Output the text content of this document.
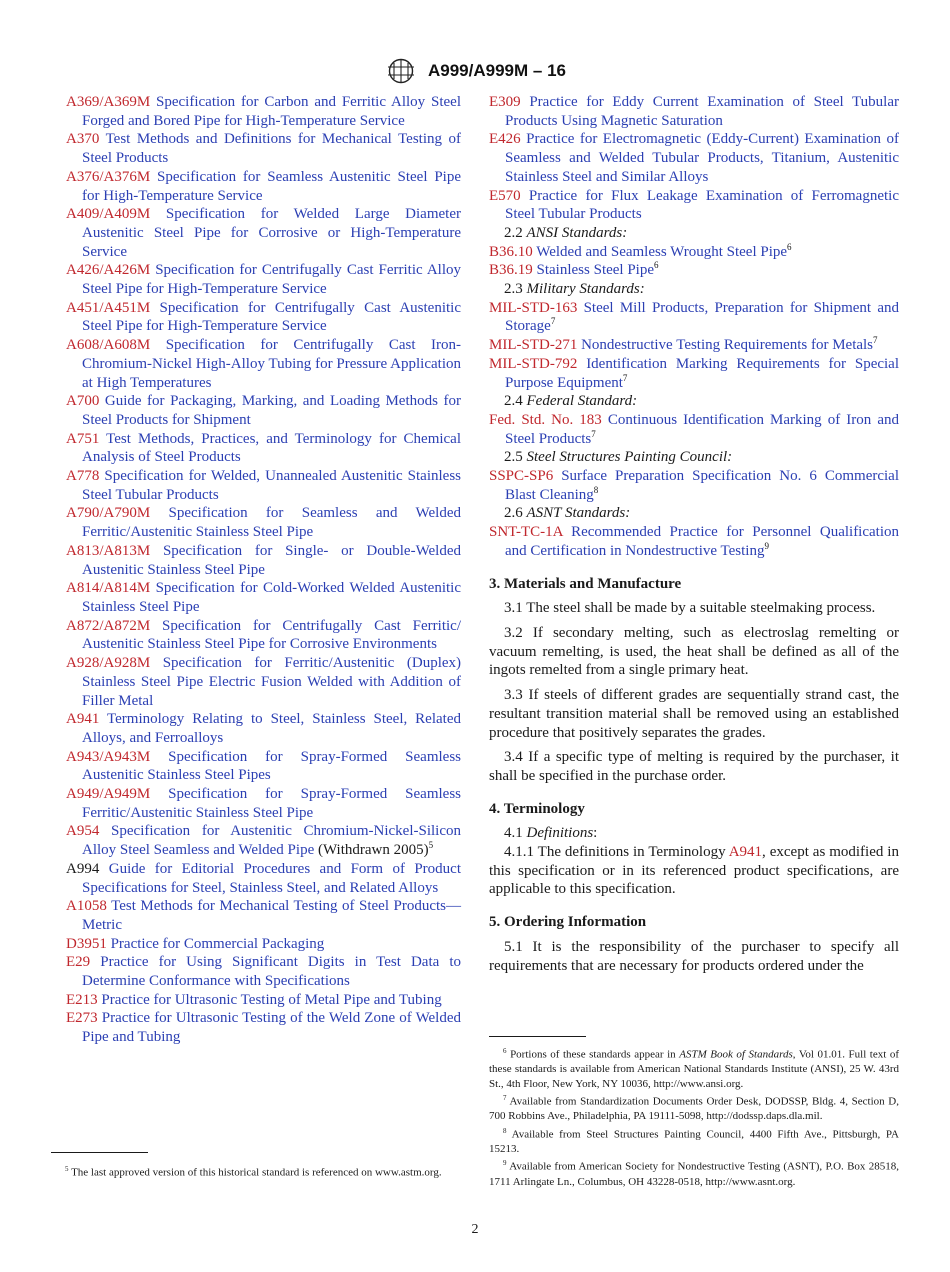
A999/A999M – 16

A369/A369M Specification for Carbon and Ferritic Alloy Steel Forged and Bored Pipe for High-Temperature Service

A370 Test Methods and Definitions for Mechanical Testing of Steel Products

A376/A376M Specification for Seamless Austenitic Steel Pipe for High-Temperature Service

A409/A409M Specification for Welded Large Diameter Austenitic Steel Pipe for Corrosive or High-Temperature Service

A426/A426M Specification for Centrifugally Cast Ferritic Alloy Steel Pipe for High-Temperature Service

A451/A451M Specification for Centrifugally Cast Austenitic Steel Pipe for High-Temperature Service

A608/A608M Specification for Centrifugally Cast Iron-Chromium-Nickel High-Alloy Tubing for Pressure Application at High Temperatures

A700 Guide for Packaging, Marking, and Loading Methods for Steel Products for Shipment

A751 Test Methods, Practices, and Terminology for Chemical Analysis of Steel Products

A778 Specification for Welded, Unannealed Austenitic Stainless Steel Tubular Products

A790/A790M Specification for Seamless and Welded Ferritic/Austenitic Stainless Steel Pipe

A813/A813M Specification for Single- or Double-Welded Austenitic Stainless Steel Pipe

A814/A814M Specification for Cold-Worked Welded Austenitic Stainless Steel Pipe

A872/A872M Specification for Centrifugally Cast Ferritic/ Austenitic Stainless Steel Pipe for Corrosive Environments

A928/A928M Specification for Ferritic/Austenitic (Duplex) Stainless Steel Pipe Electric Fusion Welded with Addition of Filler Metal

A941 Terminology Relating to Steel, Stainless Steel, Related Alloys, and Ferroalloys

A943/A943M Specification for Spray-Formed Seamless Austenitic Stainless Steel Pipes

A949/A949M Specification for Spray-Formed Seamless Ferritic/Austenitic Stainless Steel Pipe

A954 Specification for Austenitic Chromium-Nickel-Silicon Alloy Steel Seamless and Welded Pipe (Withdrawn 2005)$^5$

A994 Guide for Editorial Procedures and Form of Product Specifications for Steel, Stainless Steel, and Related Alloys

A1058 Test Methods for Mechanical Testing of Steel Products—Metric

D3951 Practice for Commercial Packaging

E29 Practice for Using Significant Digits in Test Data to Determine Conformance with Specifications

E213 Practice for Ultrasonic Testing of Metal Pipe and Tubing

E273 Practice for Ultrasonic Testing of the Weld Zone of Welded Pipe and Tubing

E309 Practice for Eddy Current Examination of Steel Tubular Products Using Magnetic Saturation

E426 Practice for Electromagnetic (Eddy-Current) Examination of Seamless and Welded Tubular Products, Titanium, Austenitic Stainless Steel and Similar Alloys

E570 Practice for Flux Leakage Examination of Ferromagnetic Steel Tubular Products

2.2 ANSI Standards:

B36.10 Welded and Seamless Wrought Steel Pipe$^6$

B36.19 Stainless Steel Pipe$^6$

2.3 Military Standards:

MIL-STD-163 Steel Mill Products, Preparation for Shipment and Storage$^7$

MIL-STD-271 Nondestructive Testing Requirements for Metals$^7$

MIL-STD-792 Identification Marking Requirements for Special Purpose Equipment$^7$

2.4 Federal Standard:

Fed. Std. No. 183 Continuous Identification Marking of Iron and Steel Products$^7$

2.5 Steel Structures Painting Council:

SSPC-SP6 Surface Preparation Specification No. 6 Commercial Blast Cleaning$^8$

2.6 ASNT Standards:

SNT-TC-1A Recommended Practice for Personnel Qualification and Certification in Nondestructive Testing$^9$

3. Materials and Manufacture

3.1 The steel shall be made by a suitable steelmaking process.

3.2 If secondary melting, such as electroslag remelting or vacuum remelting, is used, the heat shall be defined as all of the ingots remelted from a single primary heat.

3.3 If steels of different grades are sequentially strand cast, the resultant transition material shall be removed using an established procedure that positively separates the grades.

3.4 If a specific type of melting is required by the purchaser, it shall be specified in the purchase order.

4. Terminology

4.1 Definitions:

4.1.1 The definitions in Terminology A941, except as modified in this specification or in its referenced product specifications, are applicable to this specification.

5. Ordering Information

5.1 It is the responsibility of the purchaser to specify all requirements that are necessary for products ordered under the

$^6$ Portions of these standards appear in ASTM Book of Standards, Vol 01.01. Full text of these standards is available from American National Standards Institute (ANSI), 25 W. 43rd St., 4th Floor, New York, NY 10036, http://www.ansi.org.

$^7$ Available from Standardization Documents Order Desk, DODSSP, Bldg. 4, Section D, 700 Robbins Ave., Philadelphia, PA 19111-5098, http://dodssp.daps.dla.mil.

$^8$ Available from Steel Structures Painting Council, 4400 Fifth Ave., Pittsburgh, PA 15213.

$^9$ Available from American Society for Nondestructive Testing (ASNT), P.O. Box 28518, 1711 Arlingate Ln., Columbus, OH 43228-0518, http://www.asnt.org.

$^5$ The last approved version of this historical standard is referenced on www.astm.org.

2
